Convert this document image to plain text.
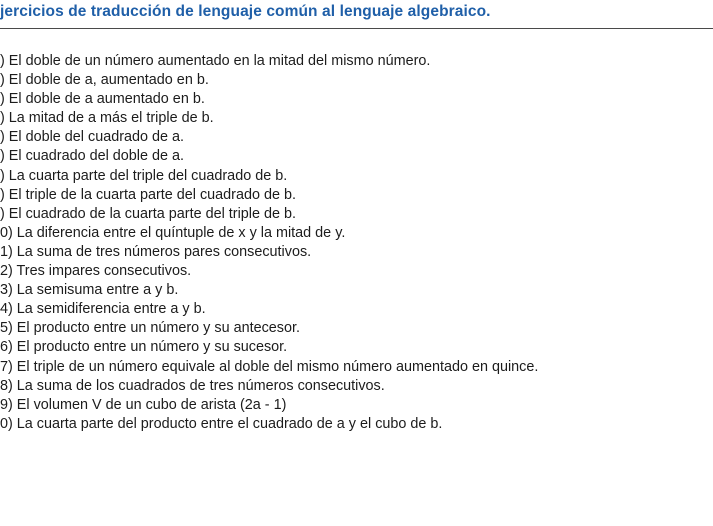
jercicios de traducción de lenguaje común al lenguaje algebraico.
) El doble de un número aumentado en la mitad del mismo número.
) El doble de a, aumentado en b.
) El doble de a aumentado en b.
) La mitad de a más el triple de b.
) El doble del cuadrado de a.
) El cuadrado del doble de a.
) La cuarta parte del triple del cuadrado de b.
) El triple de la cuarta parte del cuadrado de b.
) El cuadrado de la cuarta parte del triple de b.
0) La diferencia entre el quíntuple de x y la mitad de y.
1) La suma de tres números pares consecutivos.
2) Tres impares consecutivos.
3) La semisuma entre a y b.
4) La semidiferencia entre a y b.
5) El producto entre un número y su antecesor.
6) El producto entre un número y su sucesor.
7) El triple de un número equivale al doble del mismo número aumentado en quince.
8) La suma de los cuadrados de tres números consecutivos.
9) El volumen V de un cubo de arista (2a - 1)
0) La cuarta parte del producto entre el cuadrado de a y el cubo de b.
